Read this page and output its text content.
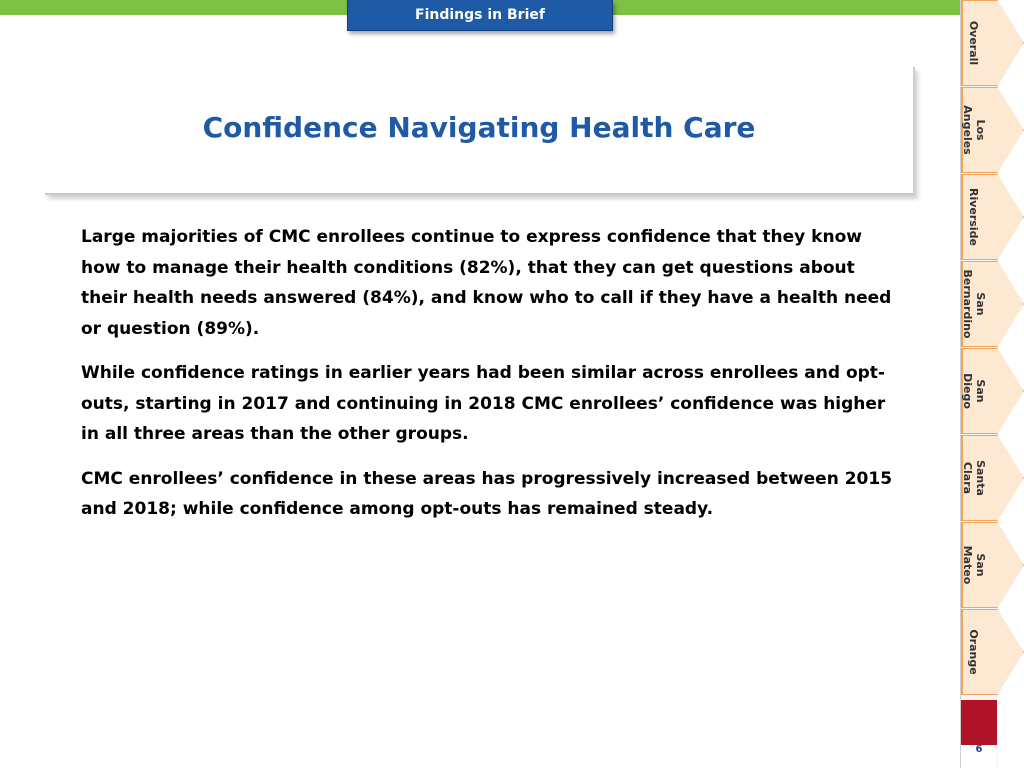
Findings in Brief
Confidence Navigating Health Care

Large majorities of CMC enrollees continue to express confidence that they know how to manage their health conditions (82%), that they can get questions about their health needs answered (84%), and know who to call if they have a health need or question (89%).

While confidence ratings in earlier years had been similar across enrollees and opt-outs, starting in 2017 and continuing in 2018 CMC enrollees’ confidence was higher in all three areas than the other groups.

CMC enrollees’ confidence in these areas has progressively increased between 2015 and 2018; while confidence among opt-outs has remained steady.

Overall
Los
Angeles
Riverside
San
Bernardino
San
Diego
Santa
Clara
San
Mateo
Orange
6
